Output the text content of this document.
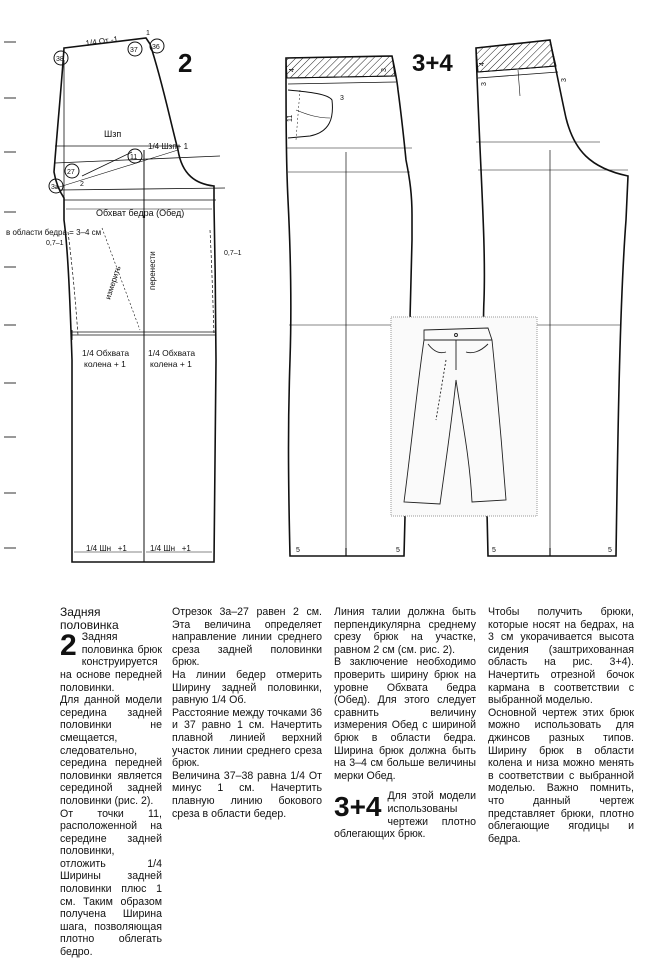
2
38
37 36
1
27
11
3а	2
1/4 От -1
Шзп
1/4 Шзп+ 1
Обхват бедра (Обед)
в области бедра = 3–4 см
0,7–1
0,7–1
измерить	перенести
1/4 Обхвата
колена + 1
1/4 Обхвата
колена + 1
1/4 Шн   +1	1/4 Шн   +1
3+4
4	3
3
11
4
3
3
5	5	5	5

Задняя половинка

2 Задняя половинка брюк конструируется на основе передней половинки.

Для данной модели середина задней половинки не смещается, следовательно, середина передней половинки является серединой задней половинки (рис. 2).

От точки 11, расположенной на середине задней половинки, отложить 1/4 Ширины задней половинки плюс 1 см. Таким образом получена Ширина шага, позволяющая плотно облегать бедро.

Отрезок 3а–27 равен 2 см. Эта величина определяет направление линии среднего среза задней половинки брюк.

На линии бедер отмерить Ширину задней половинки, равную 1/4 Об.

Расстояние между точками 36 и 37 равно 1 см. Начертить плавной линией верхний участок линии среднего среза брюк.

Величина 37–38 равна 1/4 От минус 1 см. Начертить плавную линию бокового среза в области бедер.

Линия талии должна быть перпендикулярна среднему срезу брюк на участке, равном 2 см (см. рис. 2).

В заключение необходимо проверить ширину брюк на уровне Обхвата бедра (Обед). Для этого следует сравнить величину измерения Обед с шириной брюк в области бедра. Ширина брюк должна быть на 3–4 см больше величины мерки Обед.

3+4 Для этой модели использованы чертежи плотно облегающих брюк.

Чтобы получить брюки, которые носят на бедрах, на 3 см укорачивается высота сидения (заштрихованная область на рис. 3+4). Начертить отрезной бочок кармана в соответствии с выбранной моделью.

Основной чертеж этих брюк можно использовать для джинсов разных типов. Ширину брюк в области колена и низа можно менять в соответствии с выбранной моделью. Важно помнить, что данный чертеж представляет брюки, плотно облегающие ягодицы и бедра.
